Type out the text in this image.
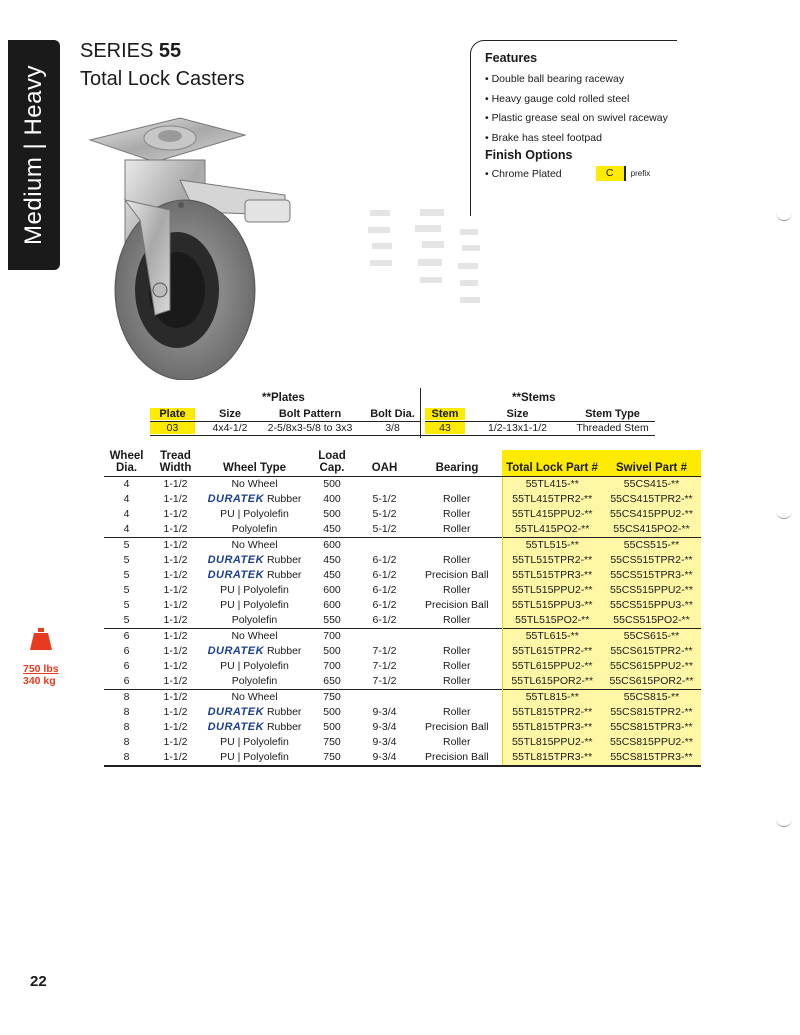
Medium | Heavy
SERIES 55
Total Lock Casters
Features
• Double ball bearing raceway
• Heavy gauge cold rolled steel
• Plastic grease seal on swivel raceway
• Brake has steel footpad
Finish Options
• Chrome Plated	C	prefix
**Plates
Plate	Size	Bolt Pattern	Bolt Dia.
03	4x4-1/2	2-5/8x3-5/8 to 3x3	3/8
**Stems
Stem	Size	Stem Type
43	1/2-13x1-1/2	Threaded Stem
Wheel Dia.	Tread Width	Wheel Type	Load Cap.	OAH	Bearing	Total Lock Part #	Swivel Part #
4	1-1/2	No Wheel	500			55TL415-**	55CS415-**
4	1-1/2	DURATEK Rubber	400	5-1/2	Roller	55TL415TPR2-**	55CS415TPR2-**
4	1-1/2	PU | Polyolefin	500	5-1/2	Roller	55TL415PPU2-**	55CS415PPU2-**
4	1-1/2	Polyolefin	450	5-1/2	Roller	55TL415PO2-**	55CS415PO2-**
5	1-1/2	No Wheel	600			55TL515-**	55CS515-**
5	1-1/2	DURATEK Rubber	450	6-1/2	Roller	55TL515TPR2-**	55CS515TPR2-**
5	1-1/2	DURATEK Rubber	450	6-1/2	Precision Ball	55TL515TPR3-**	55CS515TPR3-**
5	1-1/2	PU | Polyolefin	600	6-1/2	Roller	55TL515PPU2-**	55CS515PPU2-**
5	1-1/2	PU | Polyolefin	600	6-1/2	Precision Ball	55TL515PPU3-**	55CS515PPU3-**
5	1-1/2	Polyolefin	550	6-1/2	Roller	55TL515PO2-**	55CS515PO2-**
6	1-1/2	No Wheel	700			55TL615-**	55CS615-**
6	1-1/2	DURATEK Rubber	500	7-1/2	Roller	55TL615TPR2-**	55CS615TPR2-**
6	1-1/2	PU | Polyolefin	700	7-1/2	Roller	55TL615PPU2-**	55CS615PPU2-**
6	1-1/2	Polyolefin	650	7-1/2	Roller	55TL615POR2-**	55CS615POR2-**
8	1-1/2	No Wheel	750			55TL815-**	55CS815-**
8	1-1/2	DURATEK Rubber	500	9-3/4	Roller	55TL815TPR2-**	55CS815TPR2-**
8	1-1/2	DURATEK Rubber	500	9-3/4	Precision Ball	55TL815TPR3-**	55CS815TPR3-**
8	1-1/2	PU | Polyolefin	750	9-3/4	Roller	55TL815PPU2-**	55CS815PPU2-**
8	1-1/2	PU | Polyolefin	750	9-3/4	Precision Ball	55TL815TPR3-**	55CS815TPR3-**
750 lbs
340 kg
22
